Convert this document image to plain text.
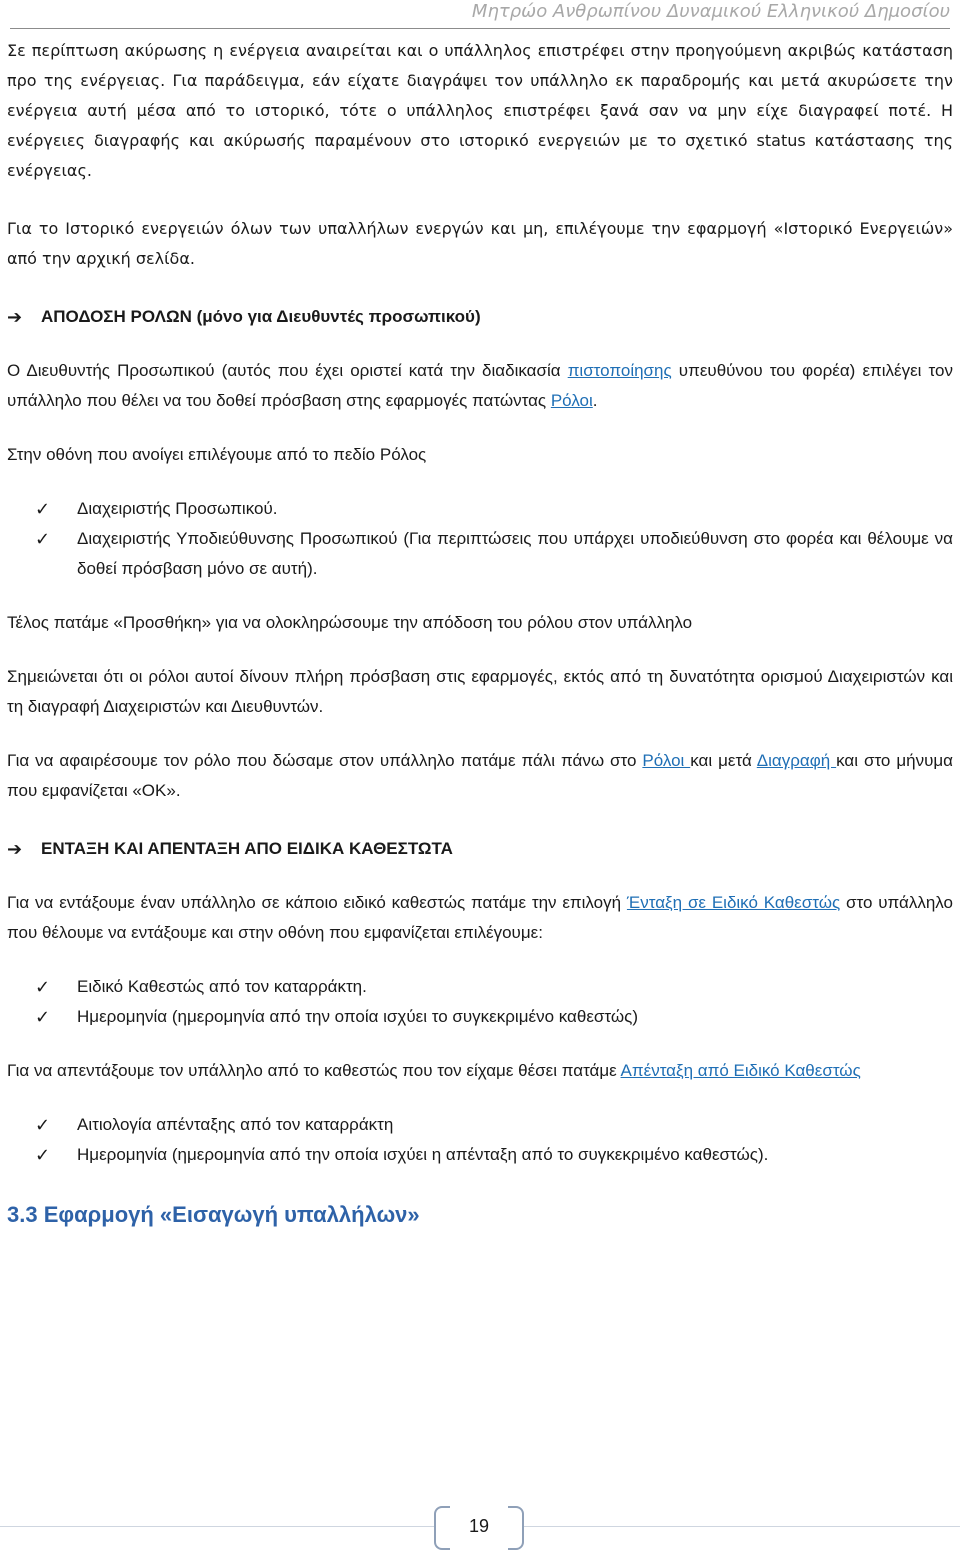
Μητρώο Ανθρωπίνου Δυναμικού Ελληνικού Δημοσίου

Σε περίπτωση ακύρωσης η ενέργεια αναιρείται και ο υπάλληλος επιστρέφει στην προηγούμενη ακριβώς κατάσταση προ της ενέργειας. Για παράδειγμα, εάν είχατε διαγράψει τον υπάλληλο εκ παραδρομής και μετά ακυρώσετε την ενέργεια αυτή μέσα από το ιστορικό, τότε ο υπάλληλος επιστρέφει ξανά σαν να μην είχε διαγραφεί ποτέ. Η ενέργειες διαγραφής και ακύρωσής παραμένουν στο ιστορικό ενεργειών με το σχετικό status κατάστασης της ενέργειας.

Για το Ιστορικό ενεργειών όλων των υπαλλήλων ενεργών και μη, επιλέγουμε την εφαρμογή «Ιστορικό Ενεργειών» από την αρχική σελίδα.

➔	ΑΠΟΔΟΣΗ ΡΟΛΩΝ (μόνο για Διευθυντές προσωπικού)

Ο Διευθυντής Προσωπικού (αυτός που έχει οριστεί κατά την διαδικασία πιστοποίησης υπευθύνου του φορέα) επιλέγει τον υπάλληλο που θέλει να του δοθεί πρόσβαση στης εφαρμογές πατώντας Ρόλοι.

Στην οθόνη που ανοίγει επιλέγουμε από το πεδίο Ρόλος

✓ Διαχειριστής Προσωπικού.
✓ Διαχειριστής Υποδιεύθυνσης Προσωπικού (Για περιπτώσεις που υπάρχει υποδιεύθυνση στο φορέα και θέλουμε να δοθεί πρόσβαση μόνο σε αυτή).

Τέλος πατάμε «Προσθήκη» για να ολοκληρώσουμε την απόδοση του ρόλου στον υπάλληλο

Σημειώνεται ότι οι ρόλοι αυτοί δίνουν πλήρη πρόσβαση στις εφαρμογές, εκτός από τη δυνατότητα ορισμού Διαχειριστών και τη διαγραφή Διαχειριστών και Διευθυντών.

Για να αφαιρέσουμε τον ρόλο που δώσαμε στον υπάλληλο πατάμε πάλι πάνω στο Ρόλοι και μετά Διαγραφή και στο μήνυμα που εμφανίζεται «ΟΚ».

➔	ΕΝΤΑΞΗ ΚΑΙ ΑΠΕΝΤΑΞΗ ΑΠΟ ΕΙΔΙΚΑ ΚΑΘΕΣΤΩΤΑ

Για να εντάξουμε έναν υπάλληλο σε κάποιο ειδικό καθεστώς πατάμε την επιλογή Ένταξη σε Ειδικό Καθεστώς στο υπάλληλο που θέλουμε να εντάξουμε και στην οθόνη που εμφανίζεται επιλέγουμε:

✓ Ειδικό Καθεστώς από τον καταρράκτη.
✓ Ημερομηνία (ημερομηνία από την οποία ισχύει το συγκεκριμένο καθεστώς)

Για να απεντάξουμε τον υπάλληλο από το καθεστώς που τον είχαμε θέσει πατάμε Απένταξη από Ειδικό Καθεστώς

✓ Αιτιολογία απένταξης από τον καταρράκτη
✓ Ημερομηνία (ημερομηνία από την οποία ισχύει η απένταξη από το συγκεκριμένο καθεστώς).
3.3 Εφαρμογή «Εισαγωγή υπαλλήλων»
19
